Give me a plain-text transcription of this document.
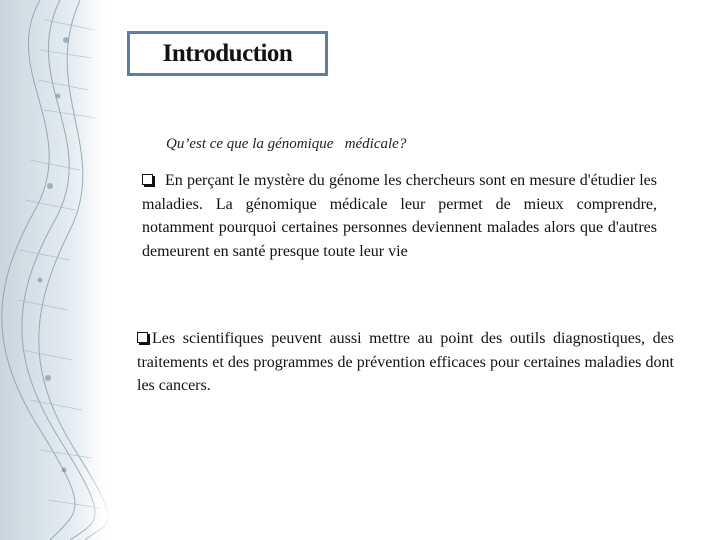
Introduction
Qu’est ce que la génomique   médicale?
En perçant le mystère du génome les chercheurs sont en mesure d'étudier les maladies. La génomique médicale leur permet de mieux comprendre, notamment pourquoi certaines personnes deviennent malades alors que d'autres demeurent en santé presque toute leur vie
Les scientifiques peuvent aussi mettre au point des outils diagnostiques, des traitements et des programmes de prévention efficaces pour certaines maladies dont les cancers.
